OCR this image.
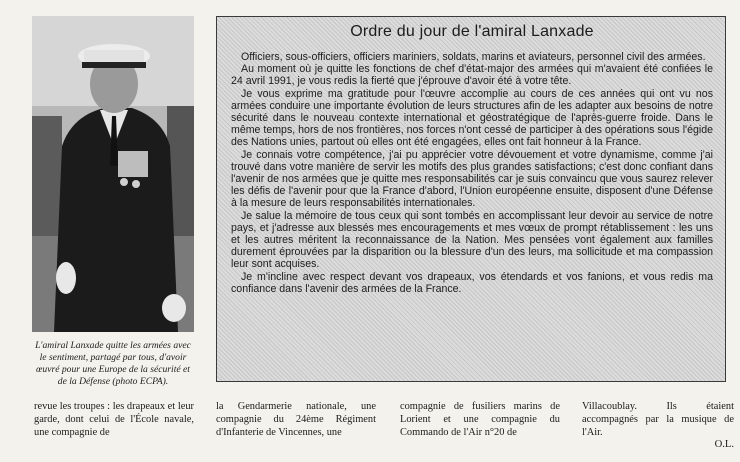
L'amiral Lanxade quitte les armées avec le sentiment, partagé par tous, d'avoir œuvré pour une Europe de la sécurité et de la Défense (photo ECPA).
Ordre du jour de l'amiral Lanxade

Officiers, sous-officiers, officiers mariniers, soldats, marins et aviateurs, personnel civil des armées.

Au moment où je quitte les fonctions de chef d'état-major des armées qui m'avaient été confiées le 24 avril 1991, je vous redis la fierté que j'éprouve d'avoir été à votre tête.

Je vous exprime ma gratitude pour l'œuvre accomplie au cours de ces années qui ont vu nos armées conduire une importante évolution de leurs structures afin de les adapter aux besoins de notre sécurité dans le nouveau contexte international et géostratégique de l'après-guerre froide. Dans le même temps, hors de nos frontières, nos forces n'ont cessé de participer à des opérations sous l'égide des Nations unies, partout où elles ont été engagées, elles ont fait honneur à la France.

Je connais votre compétence, j'ai pu apprécier votre dévouement et votre dynamisme, comme j'ai trouvé dans votre manière de servir les motifs des plus grandes satisfactions; c'est donc confiant dans l'avenir de nos armées que je quitte mes responsabilités car je suis convaincu que vous saurez relever les défis de l'avenir pour que la France d'abord, l'Union européenne ensuite, disposent d'une Défense à la mesure de leurs responsabilités internationales.

Je salue la mémoire de tous ceux qui sont tombés en accomplissant leur devoir au service de notre pays, et j'adresse aux blessés mes encouragements et mes vœux de prompt rétablissement : les uns et les autres méritent la reconnaissance de la Nation. Mes pensées vont également aux familles durement éprouvées par la disparition ou la blessure d'un des leurs, ma sollicitude et ma compassion leur sont acquises.

Je m'incline avec respect devant vos drapeaux, vos étendards et vos fanions, et vous redis ma confiance dans l'avenir des armées de la France.

revue les troupes : les drapeaux et leur garde, dont celui de l'École navale, une compagnie de
la Gendarmerie nationale, une compagnie du 24ème Régiment d'Infanterie de Vincennes, une
compagnie de fusiliers marins de Lorient et une compagnie du Commando de l'Air n°20 de
Villacoublay. Ils étaient accompagnés par la musique de l'Air.
O.L.
